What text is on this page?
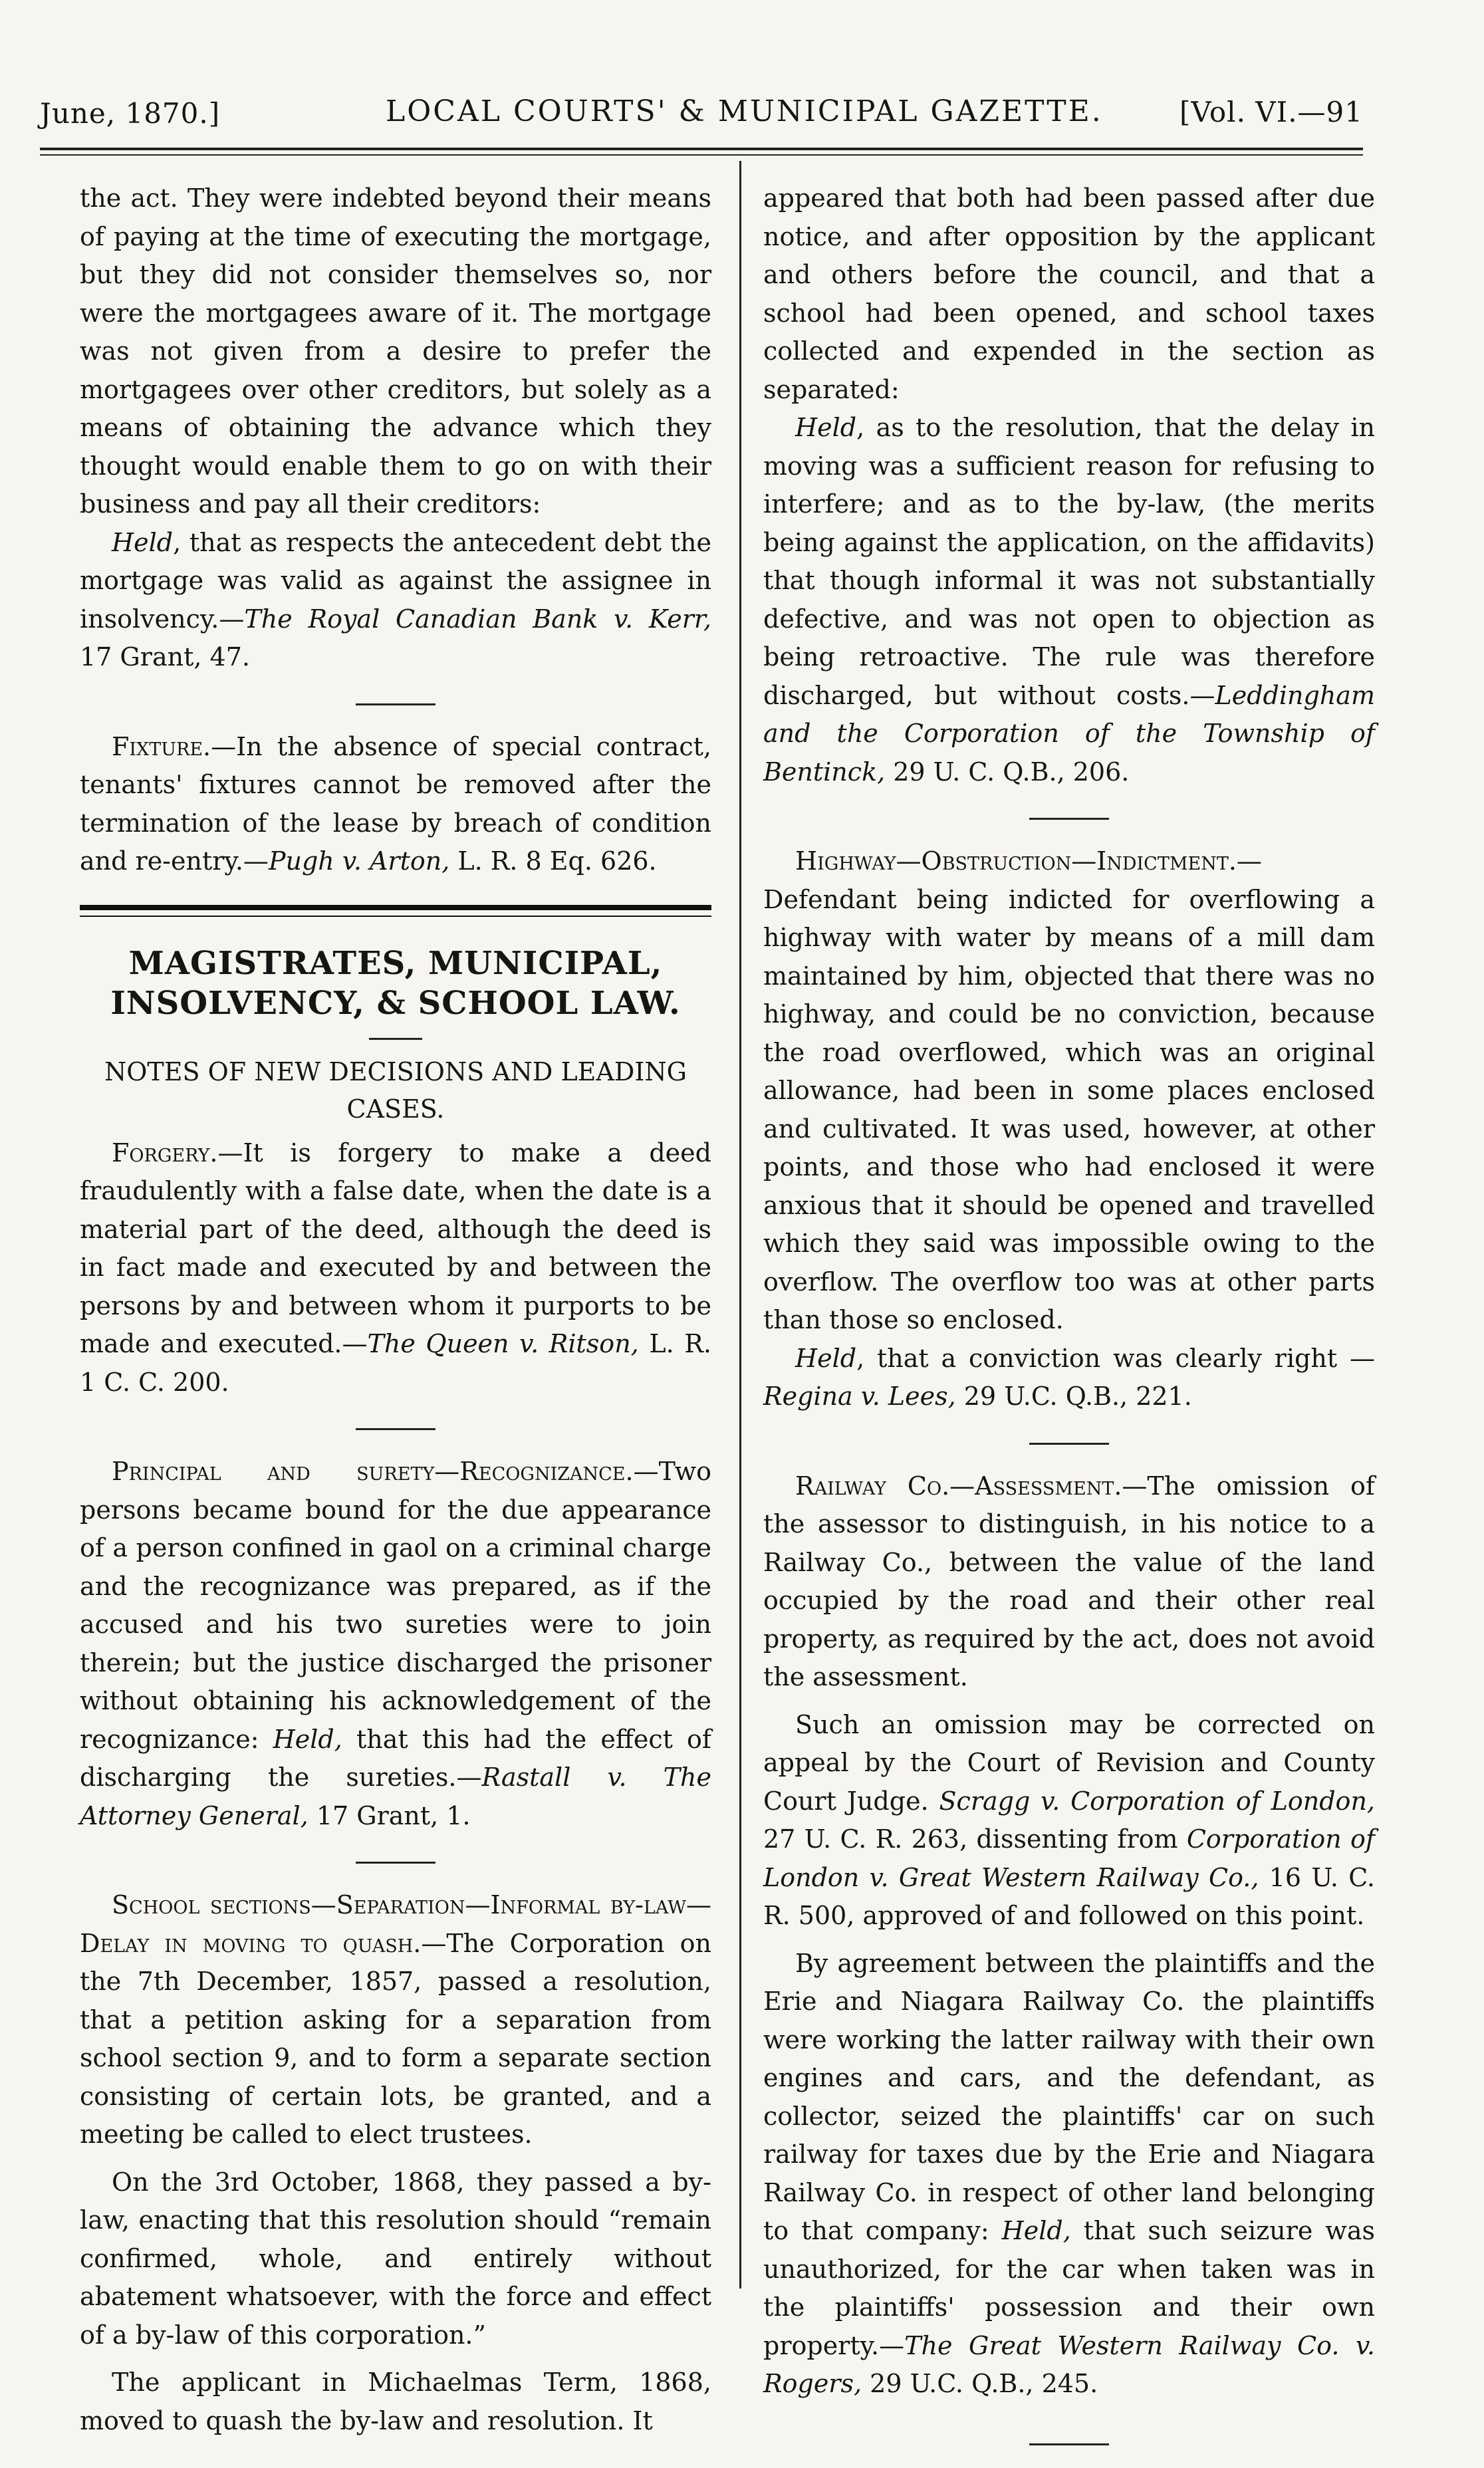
June, 1870.]	LOCAL COURTS' & MUNICIPAL GAZETTE.	[Vol. VI.—91

the act. They were indebted beyond their means of paying at the time of executing the mortgage, but they did not consider themselves so, nor were the mortgagees aware of it. The mortgage was not given from a desire to prefer the mortgagees over other creditors, but solely as a means of obtaining the advance which they thought would enable them to go on with their business and pay all their creditors:

Held, that as respects the antecedent debt the mortgage was valid as against the assignee in insolvency.—The Royal Canadian Bank v. Kerr, 17 Grant, 47.

Fixture.—In the absence of special contract, tenants' fixtures cannot be removed after the termination of the lease by breach of condition and re-entry.—Pugh v. Arton, L. R. 8 Eq. 626.

MAGISTRATES, MUNICIPAL, INSOLVENCY, & SCHOOL LAW.
NOTES OF NEW DECISIONS AND LEADING CASES.

Forgery.—It is forgery to make a deed fraudulently with a false date, when the date is a material part of the deed, although the deed is in fact made and executed by and between the persons by and between whom it purports to be made and executed.—The Queen v. Ritson, L. R. 1 C. C. 200.

Principal and surety—Recognizance.—Two persons became bound for the due appearance of a person confined in gaol on a criminal charge and the recognizance was prepared, as if the accused and his two sureties were to join therein; but the justice discharged the prisoner without obtaining his acknowledgement of the recognizance: Held, that this had the effect of discharging the sureties.—Rastall v. The Attorney General, 17 Grant, 1.

School sections—Separation—Informal by-law—Delay in moving to quash.—The Corporation on the 7th December, 1857, passed a resolution, that a petition asking for a separation from school section 9, and to form a separate section consisting of certain lots, be granted, and a meeting be called to elect trustees.

On the 3rd October, 1868, they passed a by-law, enacting that this resolution should “remain confirmed, whole, and entirely without abatement whatsoever, with the force and effect of a by-law of this corporation.”

The applicant in Michaelmas Term, 1868, moved to quash the by-law and resolution. It

appeared that both had been passed after due notice, and after opposition by the applicant and others before the council, and that a school had been opened, and school taxes collected and expended in the section as separated:

Held, as to the resolution, that the delay in moving was a sufficient reason for refusing to interfere; and as to the by-law, (the merits being against the application, on the affidavits) that though informal it was not substantially defective, and was not open to objection as being retroactive. The rule was therefore discharged, but without costs.—Leddingham and the Corporation of the Township of Bentinck, 29 U. C. Q.B., 206.

Highway—Obstruction—Indictment.—Defendant being indicted for overflowing a highway with water by means of a mill dam maintained by him, objected that there was no highway, and could be no conviction, because the road overflowed, which was an original allowance, had been in some places enclosed and cultivated. It was used, however, at other points, and those who had enclosed it were anxious that it should be opened and travelled which they said was impossible owing to the overflow. The overflow too was at other parts than those so enclosed.

Held, that a conviction was clearly right — Regina v. Lees, 29 U.C. Q.B., 221.

Railway Co.—Assessment.—The omission of the assessor to distinguish, in his notice to a Railway Co., between the value of the land occupied by the road and their other real property, as required by the act, does not avoid the assessment.

Such an omission may be corrected on appeal by the Court of Revision and County Court Judge. Scragg v. Corporation of London, 27 U. C. R. 263, dissenting from Corporation of London v. Great Western Railway Co., 16 U. C. R. 500, approved of and followed on this point.

By agreement between the plaintiffs and the Erie and Niagara Railway Co. the plaintiffs were working the latter railway with their own engines and cars, and the defendant, as collector, seized the plaintiffs' car on such railway for taxes due by the Erie and Niagara Railway Co. in respect of other land belonging to that company: Held, that such seizure was unauthorized, for the car when taken was in the plaintiffs' possession and their own property.—The Great Western Railway Co. v. Rogers, 29 U.C. Q.B., 245.
